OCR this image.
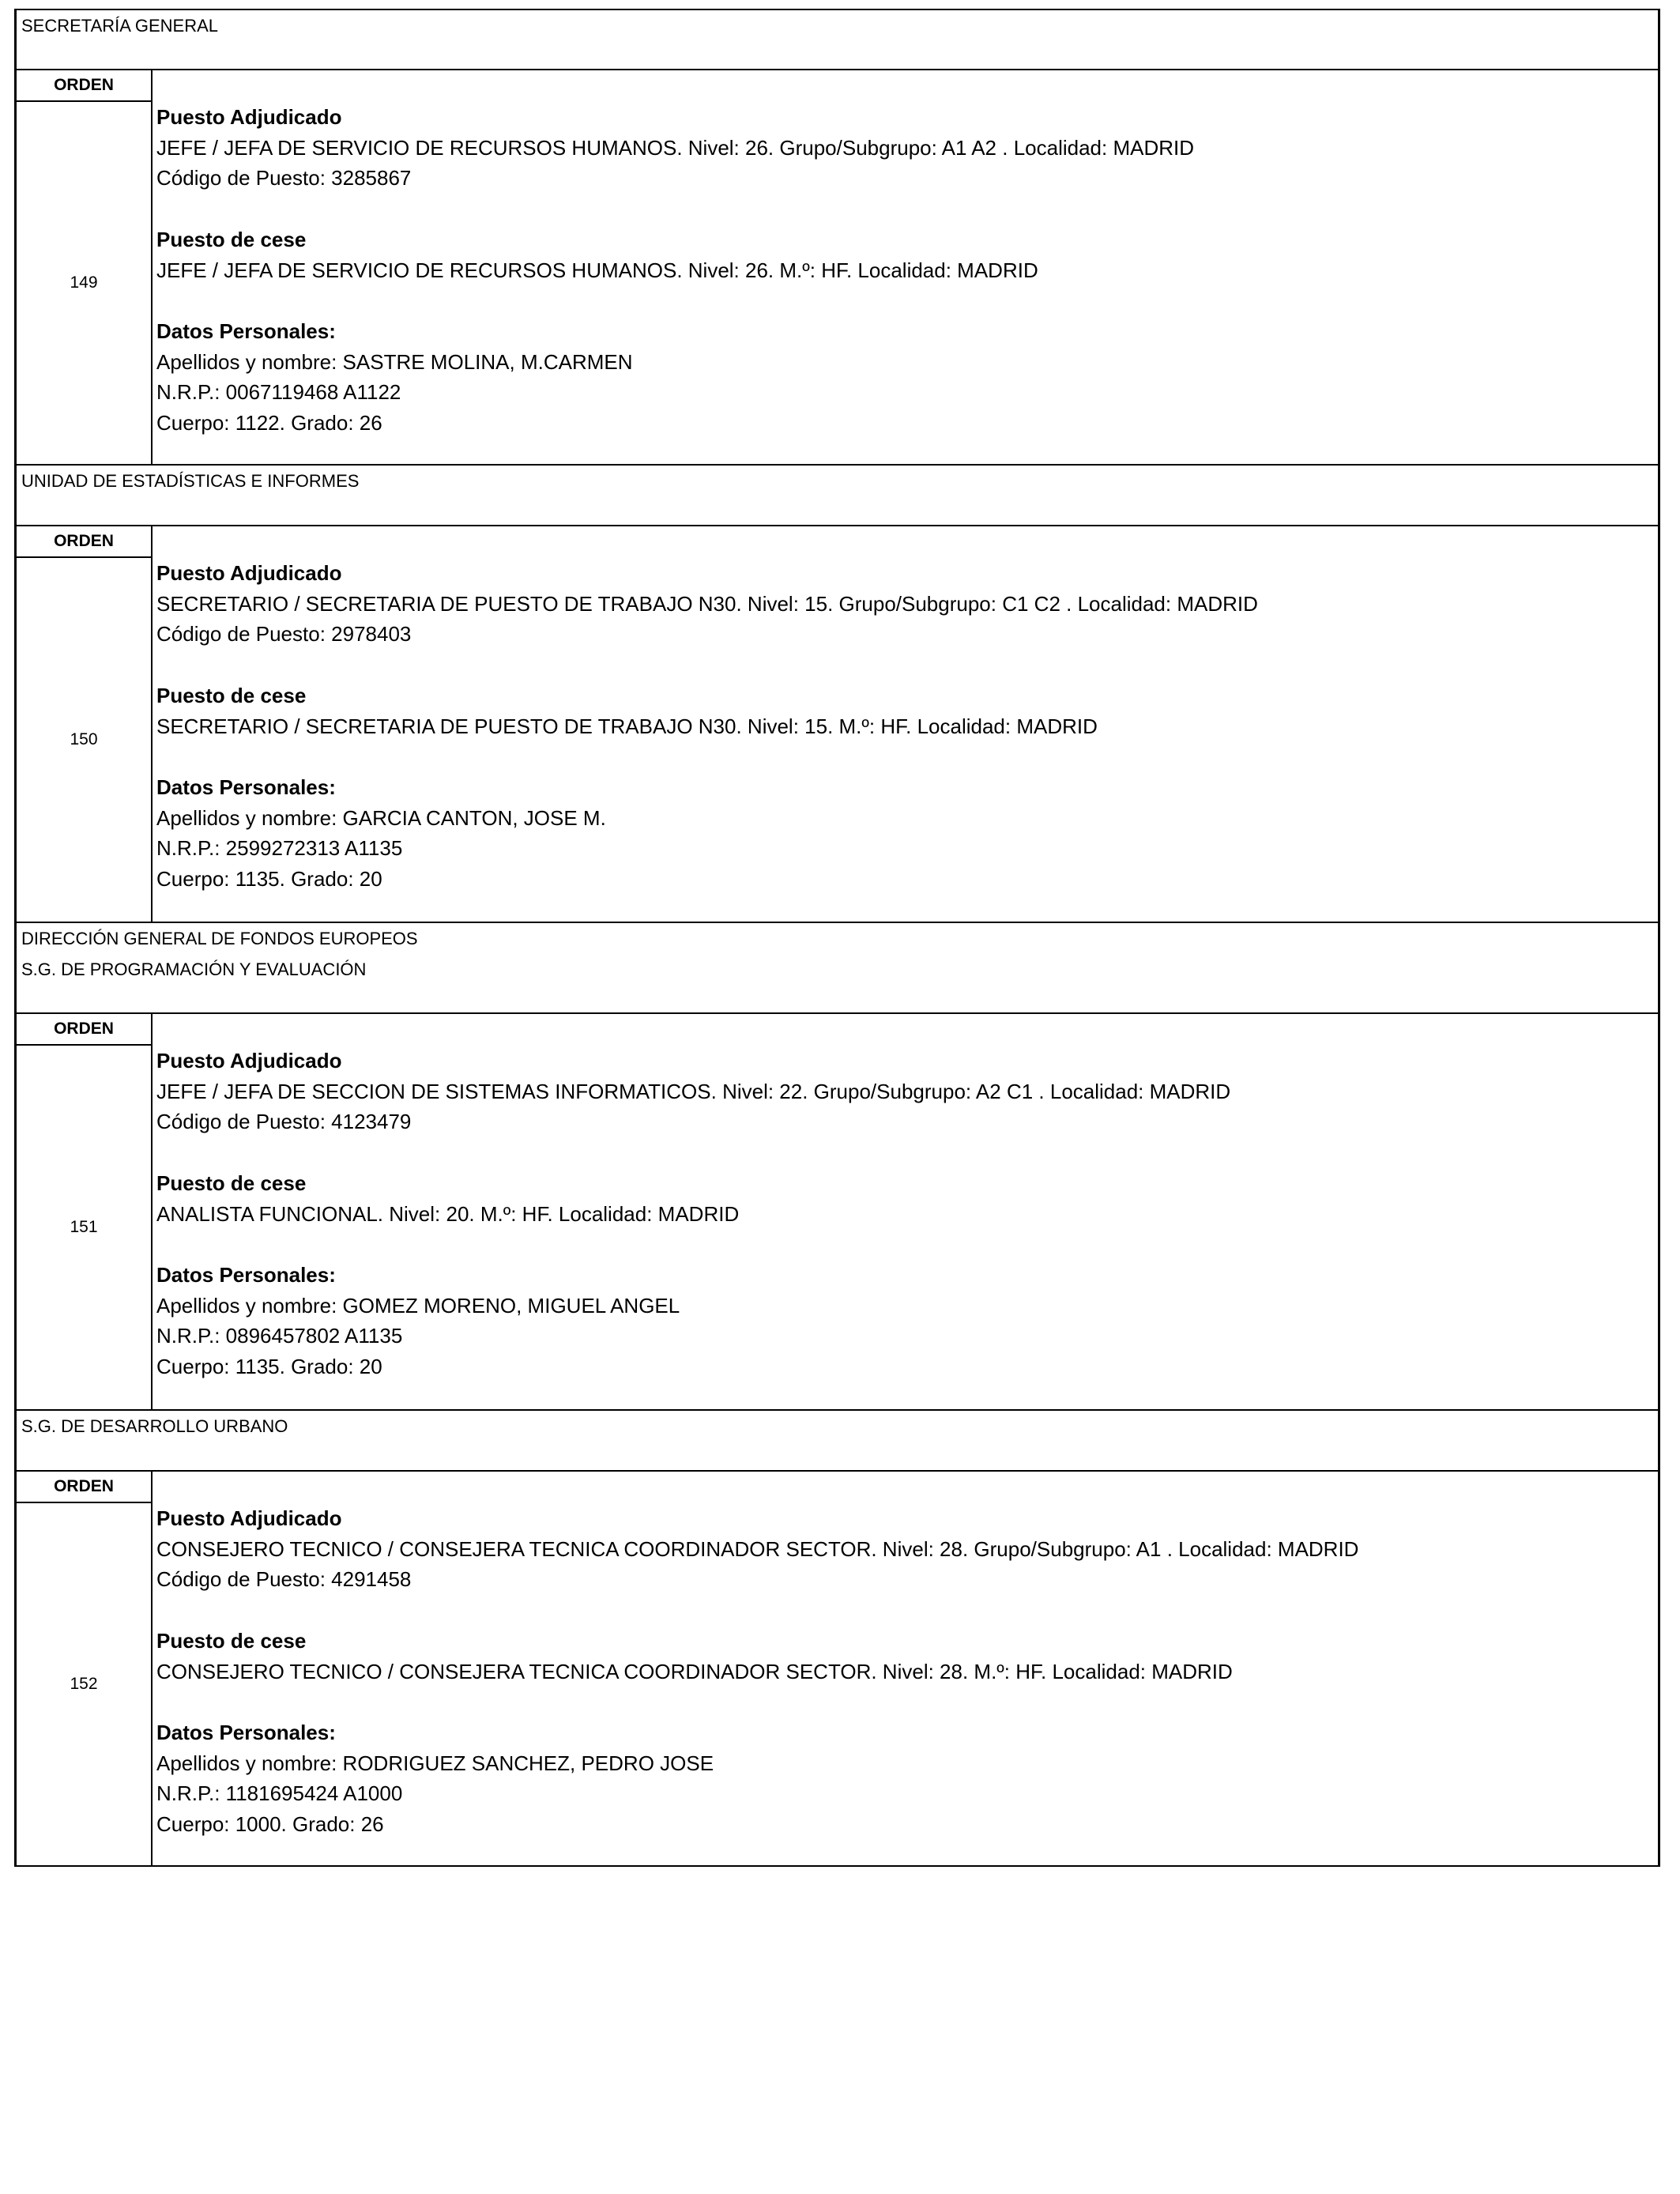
SECRETARÍA GENERAL
ORDEN
149
Puesto Adjudicado
JEFE / JEFA DE SERVICIO DE RECURSOS HUMANOS. Nivel: 26. Grupo/Subgrupo: A1 A2 . Localidad: MADRID
Código de Puesto: 3285867
Puesto de cese
JEFE / JEFA DE SERVICIO DE RECURSOS HUMANOS. Nivel: 26. M.º: HF. Localidad: MADRID
Datos Personales:
Apellidos y nombre: SASTRE MOLINA, M.CARMEN
N.R.P.: 0067119468 A1122
Cuerpo: 1122. Grado: 26
UNIDAD DE ESTADÍSTICAS E INFORMES
ORDEN
150
Puesto Adjudicado
SECRETARIO / SECRETARIA DE PUESTO DE TRABAJO N30. Nivel: 15. Grupo/Subgrupo: C1 C2 . Localidad: MADRID
Código de Puesto: 2978403
Puesto de cese
SECRETARIO / SECRETARIA DE PUESTO DE TRABAJO N30. Nivel: 15. M.º: HF. Localidad: MADRID
Datos Personales:
Apellidos y nombre: GARCIA CANTON, JOSE M.
N.R.P.: 2599272313 A1135
Cuerpo: 1135. Grado: 20
DIRECCIÓN GENERAL DE FONDOS EUROPEOS
S.G. DE PROGRAMACIÓN Y EVALUACIÓN
ORDEN
151
Puesto Adjudicado
JEFE / JEFA DE SECCION DE SISTEMAS INFORMATICOS. Nivel: 22. Grupo/Subgrupo: A2 C1 . Localidad: MADRID
Código de Puesto: 4123479
Puesto de cese
ANALISTA FUNCIONAL. Nivel: 20. M.º: HF. Localidad: MADRID
Datos Personales:
Apellidos y nombre: GOMEZ MORENO, MIGUEL ANGEL
N.R.P.: 0896457802 A1135
Cuerpo: 1135. Grado: 20
S.G. DE DESARROLLO URBANO
ORDEN
152
Puesto Adjudicado
CONSEJERO TECNICO / CONSEJERA TECNICA COORDINADOR SECTOR. Nivel: 28. Grupo/Subgrupo: A1 . Localidad: MADRID
Código de Puesto: 4291458
Puesto de cese
CONSEJERO TECNICO / CONSEJERA TECNICA COORDINADOR SECTOR. Nivel: 28. M.º: HF. Localidad: MADRID
Datos Personales:
Apellidos y nombre: RODRIGUEZ SANCHEZ, PEDRO JOSE
N.R.P.: 1181695424 A1000
Cuerpo: 1000. Grado: 26
